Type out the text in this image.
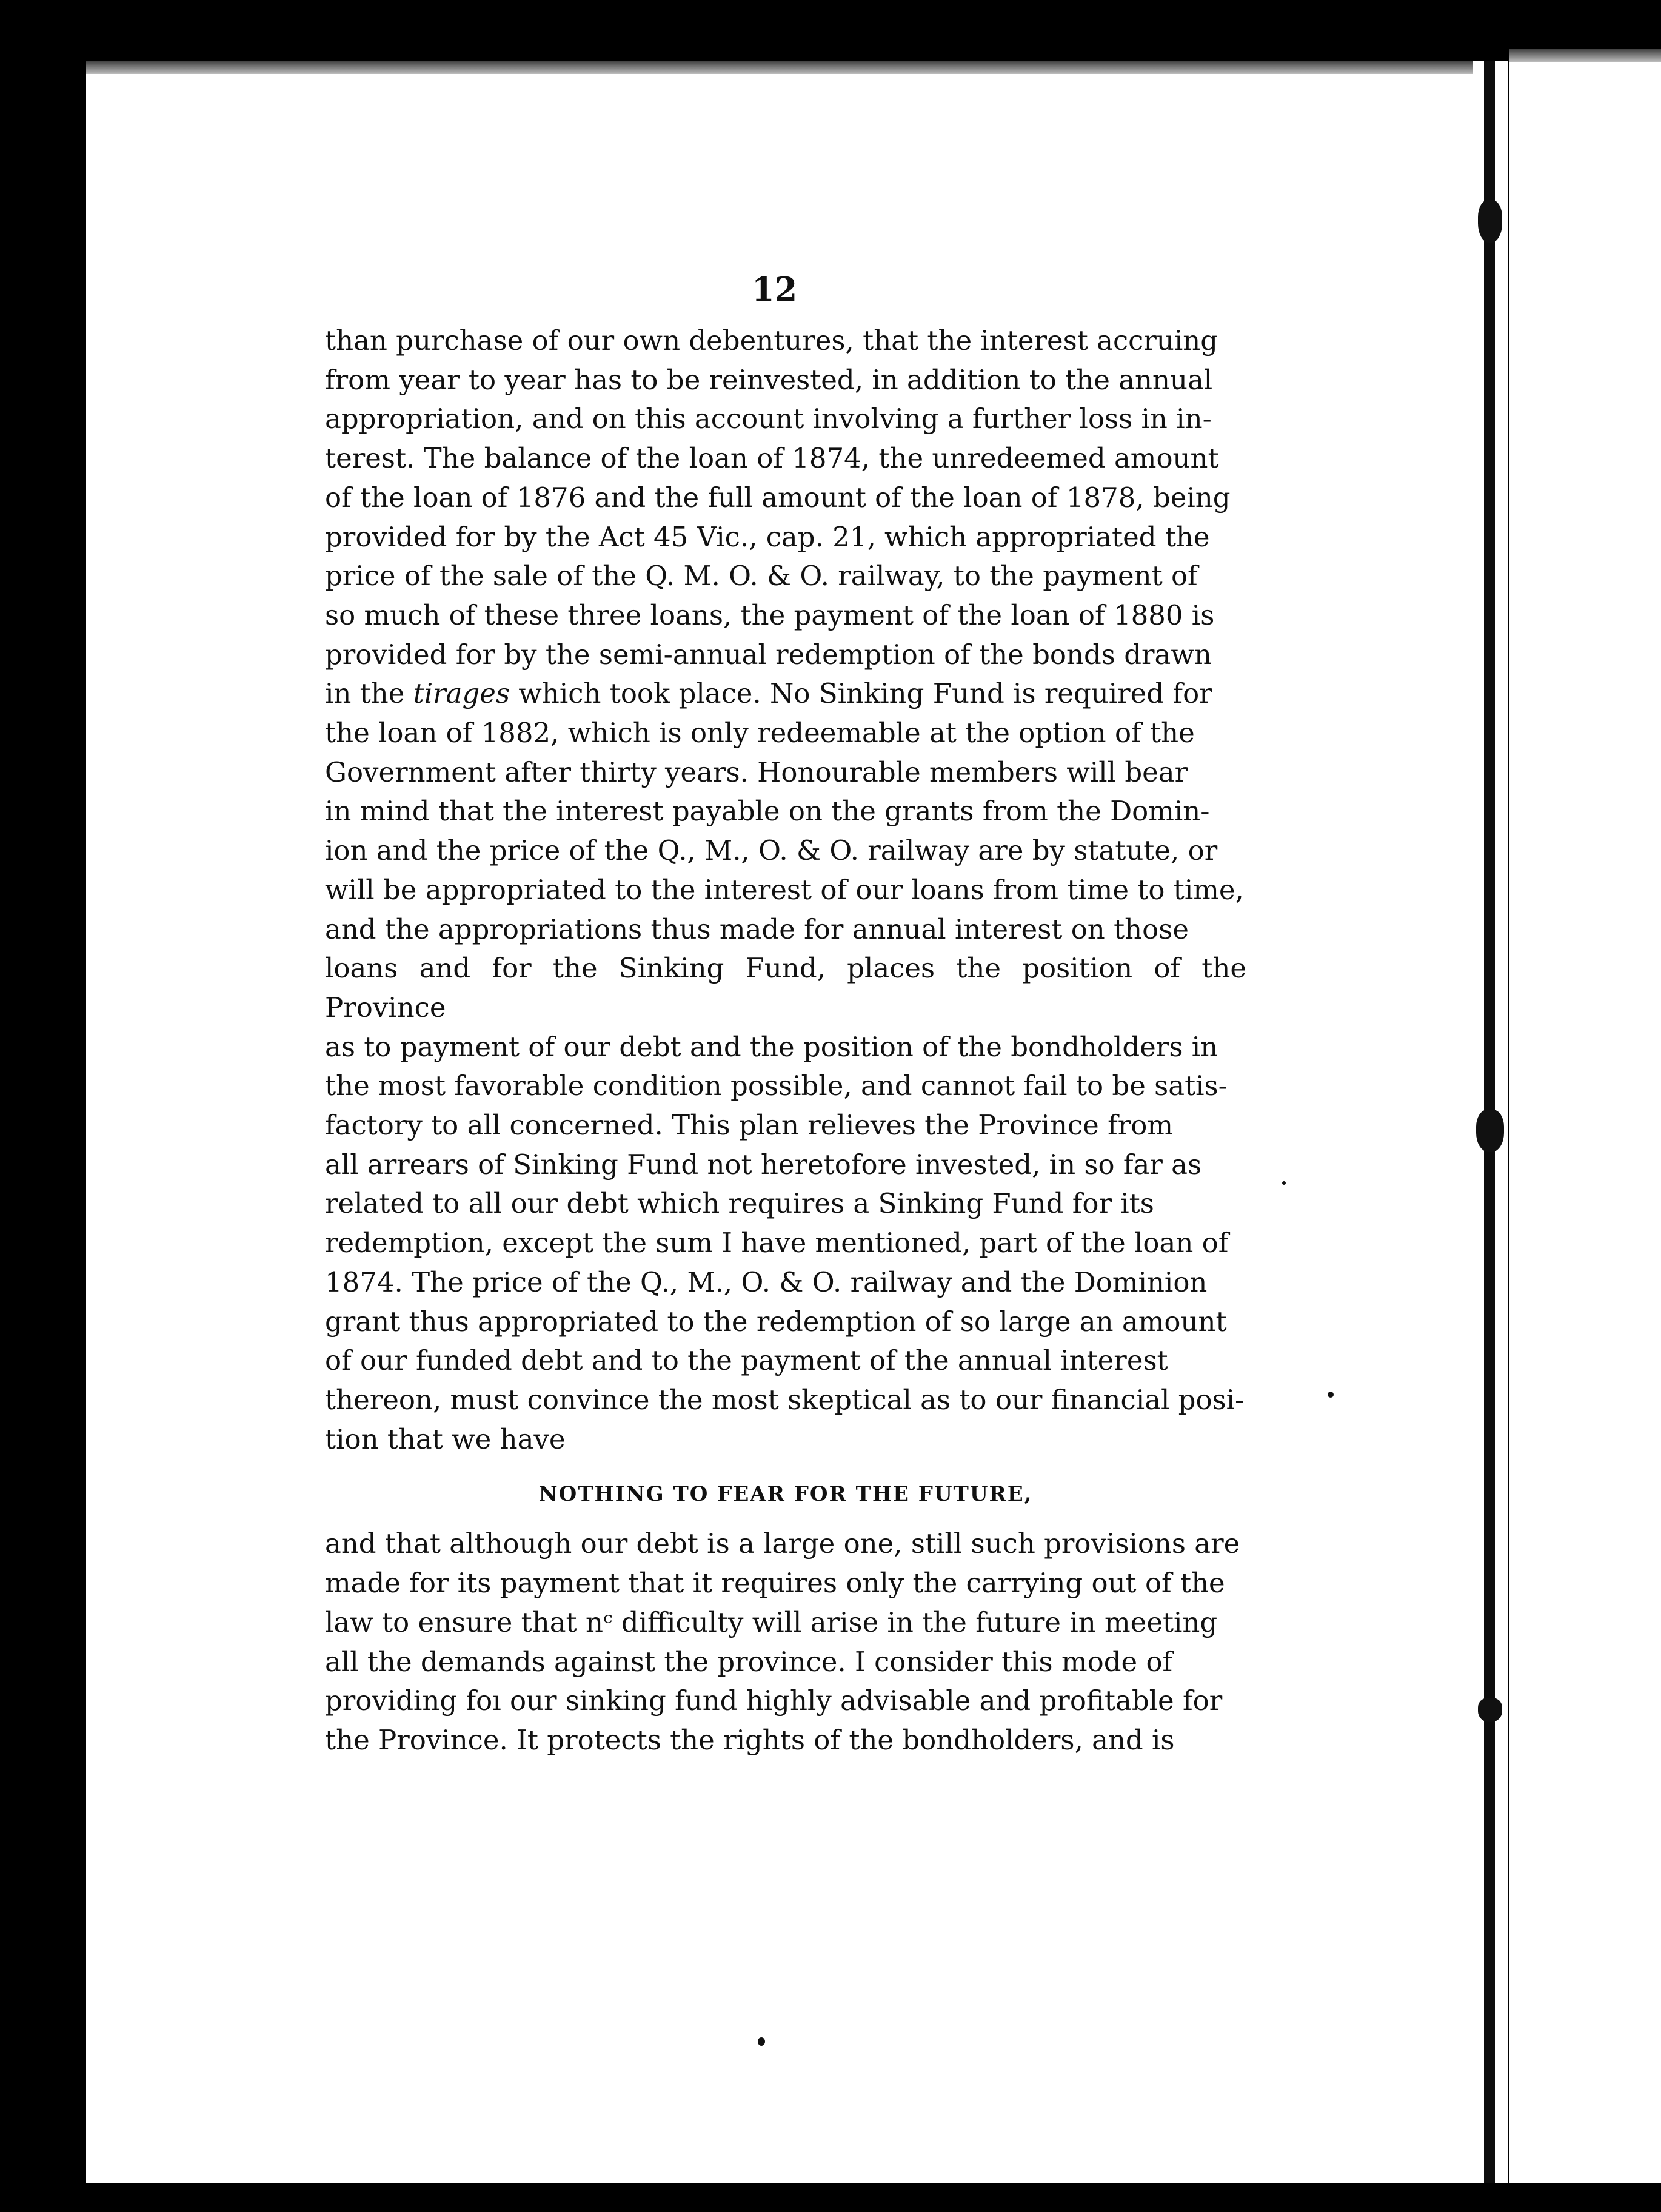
12
than purchase of our own debentures, that the interest accruing
from year to year has to be reinvested, in addition to the annual
appropriation, and on this account involving a further loss in in-
terest. The balance of the loan of 1874, the unredeemed amount
of the loan of 1876 and the full amount of the loan of 1878, being
provided for by the Act 45 Vic., cap. 21, which appropriated the
price of the sale of the Q. M. O. & O. railway, to the payment of
so much of these three loans, the payment of the loan of 1880 is
provided for by the semi-annual redemption of the bonds drawn
in the tirages which took place. No Sinking Fund is required for
the loan of 1882, which is only redeemable at the option of the
Government after thirty years. Honourable members will bear
in mind that the interest payable on the grants from the Domin-
ion and the price of the Q., M., O. & O. railway are by statute, or
will be appropriated to the interest of our loans from time to time,
and the appropriations thus made for annual interest on those
loans and for the Sinking Fund, places the position of the Province
as to payment of our debt and the position of the bondholders in
the most favorable condition possible, and cannot fail to be satis-
factory to all concerned. This plan relieves the Province from
all arrears of Sinking Fund not heretofore invested, in so far as
related to all our debt which requires a Sinking Fund for its
redemption, except the sum I have mentioned, part of the loan of
1874. The price of the Q., M., O. & O. railway and the Dominion
grant thus appropriated to the redemption of so large an amount
of our funded debt and to the payment of the annual interest
thereon, must convince the most skeptical as to our financial posi-
tion that we have
NOTHING TO FEAR FOR THE FUTURE,
and that although our debt is a large one, still such provisions are
made for its payment that it requires only the carrying out of the
law to ensure that nᶜ difficulty will arise in the future in meeting
all the demands against the province. I consider this mode of
providing foı our sinking fund highly advisable and profitable for
the Province. It protects the rights of the bondholders, and is
